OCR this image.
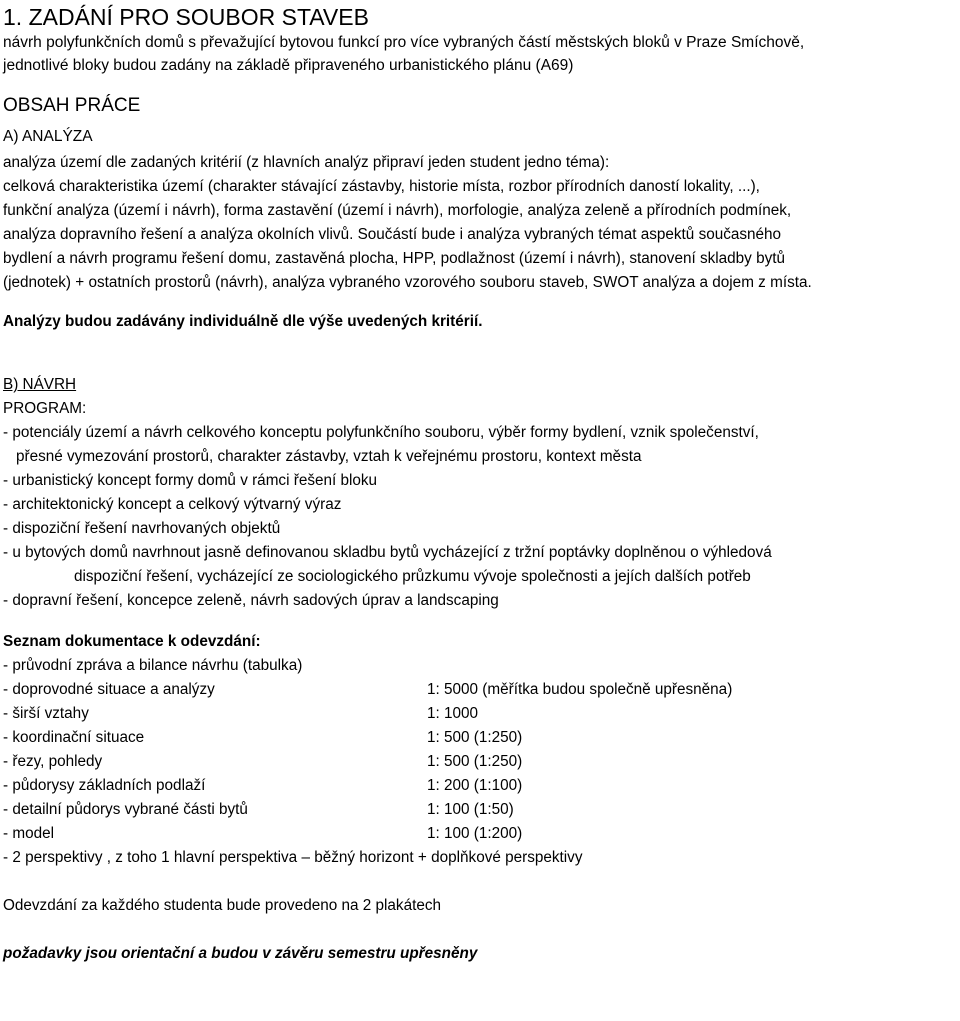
1. ZADÁNÍ PRO SOUBOR STAVEB
návrh polyfunkčních domů s převažující bytovou funkcí pro více vybraných částí městských bloků v Praze Smíchově,
jednotlivé bloky budou zadány na základě připraveného urbanistického plánu (A69)
OBSAH PRÁCE
A) ANALÝZA
analýza území dle zadaných kritérií (z hlavních analýz připraví jeden student jedno téma):
celková charakteristika území (charakter stávající zástavby, historie místa, rozbor přírodních daností lokality, ...),
funkční analýza (území i návrh), forma zastavění (území i návrh), morfologie, analýza zeleně a přírodních podmínek,
analýza dopravního řešení a analýza okolních vlivů. Součástí bude i analýza vybraných témat aspektů současného
bydlení a návrh programu řešení domu, zastavěná plocha, HPP, podlažnost (území i návrh), stanovení skladby bytů
(jednotek) + ostatních prostorů (návrh), analýza vybraného vzorového souboru staveb, SWOT analýza a dojem z místa.
Analýzy budou zadávány individuálně dle výše uvedených kritérií.
B) NÁVRH
PROGRAM:
- potenciály území a návrh celkového konceptu polyfunkčního souboru, výběr formy bydlení, vznik společenství,
přesné vymezování prostorů, charakter zástavby, vztah k veřejnému prostoru, kontext města
- urbanistický koncept formy domů v rámci řešení bloku
- architektonický koncept a celkový výtvarný výraz
- dispoziční řešení navrhovaných objektů
- u bytových domů navrhnout jasně definovanou skladbu bytů vycházející z tržní poptávky doplněnou o výhledová
dispoziční řešení, vycházející ze sociologického průzkumu vývoje společnosti a jejích dalších potřeb
- dopravní řešení, koncepce zeleně, návrh sadových úprav a landscaping
Seznam dokumentace k odevzdání:
- průvodní zpráva a bilance návrhu (tabulka)
- doprovodné situace a analýzy	1: 5000 (měřítka budou společně upřesněna)
- širší vztahy	1: 1000
- koordinační situace	1: 500 (1:250)
- řezy, pohledy	1: 500 (1:250)
- půdorysy základních podlaží	1: 200 (1:100)
- detailní půdorys vybrané části bytů	1: 100 (1:50)
- model	1: 100 (1:200)
- 2 perspektivy , z toho 1 hlavní perspektiva – běžný horizont + doplňkové perspektivy
Odevzdání za každého studenta bude provedeno na 2 plakátech
požadavky jsou orientační a budou v závěru semestru upřesněny
